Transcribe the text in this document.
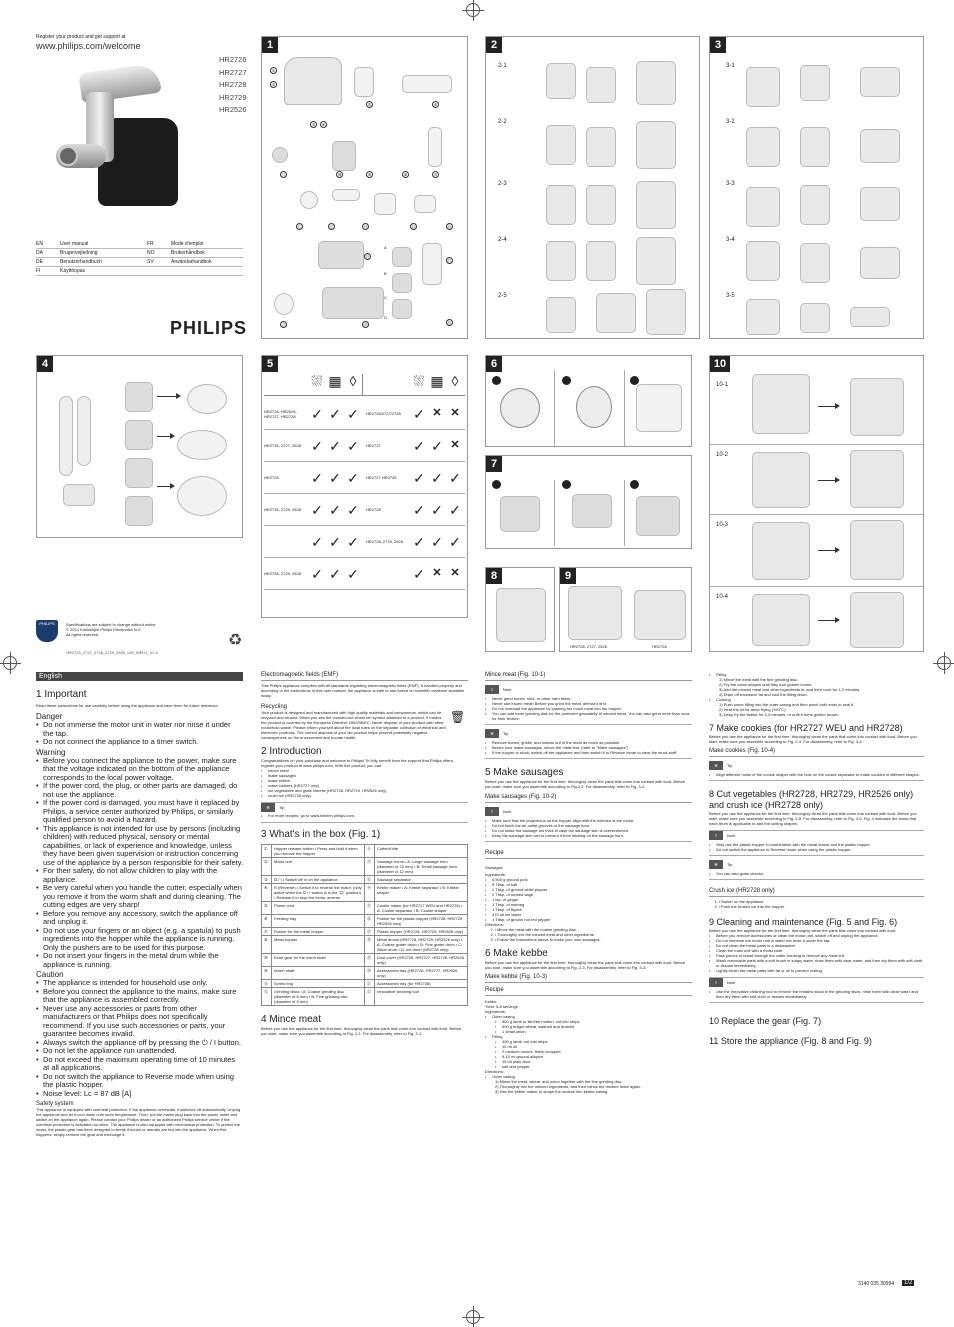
Register your product and get support at
www.philips.com/welcome
HR2726
HR2727
HR2728
HR2729
HR2526
EN	User manual	FR	Mode d'emploi
DA	Brugervejledning	NO	Brukerhåndbok
DE	Benutzerhandbuch	SV	Användarhandbok
FI	Käyttöopas		
PHILIPS
1
①
②
③	④
⑤	⑥
⑪	⑩	⑨	⑧	⑦
⑫	⑬	⑭	⑮	⑯
⑰
⑱
⑲
⑳
㉑
A
B
C
D
2
2-1
2-2
2-3
2-4
2-5
3
3-1
3-2
3-3
3-4
3-5
4	5
⛆ ▦ ◊	⛆ ▦ ◊
HR2726, HR2526, HR2727, HR2728	✓ ✓ ✓	HR2726/2727/2728 ✓ ✕ ✕
HR2726, 2727, 2526 ✓ ✓ ✓	HR2727	✓ ✓ ✕
HR2728	✓ ✓ ✓	HR2727 HR2728	✓ ✓ ✓
HR2726, 2729, 2526 ✓ ✓ ✓	HR2728	✓ ✓ ✓
✓ ✓ ✓	HR2728, 2729, 2526 ✓ ✓ ✓
HR2728, 2729, 2526 ✓ ✓ ✓	✓ ✕ ✕
6
7
8	9
HR2726, 2727, 2526	HR2728
10
10-1
10-2
10-3
10-4
PHILIPS	Specifications are subject to change without notice
© 2014 Koninklijke Philips Electronics N.V.
All rights reserved.
HR2726_2727_2728_2729_2526_UM_WEU1_V2.0
♻
English
1 Important
Read these instructions for use carefully before using the appliance and save them for future reference.
Danger
• Do not immerse the motor unit in water nor rinse it under the tap.
• Do not connect the appliance to a timer switch.
Warning
• Before you connect the appliance to the power, make sure that the voltage indicated on the bottom of the appliance corresponds to the local power voltage.
• If the power cord, the plug, or other parts are damaged, do not use the appliance.
• If the power cord is damaged, you must have it replaced by Philips, a service center authorized by Philips, or similarly qualified person to avoid a hazard.
• This appliance is not intended for use by persons (including children) with reduced physical, sensory or mental capabilities, or lack of experience and knowledge, unless they have been given supervision or instruction concerning use of the appliance by a person responsible for their safety.
• For their safety, do not allow children to play with the appliance.
• Be very careful when you handle the cutter, especially when you remove it from the worm shaft and during cleaning. The cutting edges are very sharp!
• Before you remove any accessory, switch the appliance off and unplug it.
• Do not use your fingers or an object (e.g. a spatula) to push ingredients into the hopper while the appliance is running. Only the pushers are to be used for this purpose.
• Do not insert your fingers in the metal drum while the appliance is running.
Caution
• The appliance is intended for household use only.
• Before you connect the appliance to the mains, make sure that the appliance is assembled correctly.
• Never use any accessories or parts from other manufacturers or that Philips does not specifically recommend. If you use such accessories or parts, your guarantee becomes invalid.
• Always switch the appliance off by pressing the ⏻ / I button.
• Do not let the appliance run unattended.
• Do not exceed the maximum operating time of 10 minutes at all applications.
• Do not switch the appliance to Reverse mode when using the plastic hopper.
• Noise level: Lc = 87 dB [A]
Safety system
This appliance is equipped with overheat protection. If the appliance overheats, it switches off automatically. Unplug the appliance and let it cool down until room temperature. Then, put the mains plug back into the power outlet and switch on the appliance again. Please contact your Philips dealer or an authorized Philips service center if the overheat protection is activated too often. The appliance is also equipped with mechanical protection. To protect the motor, the plastic gear has been designed to break if bones or utensils are fed into the appliance. When this happens, simply remove the gear and exchange it.
Electromagnetic fields (EMF)
This Philips appliance complies with all standards regarding electromagnetic fields (EMF). If handled properly and according to the instructions in this user manual, the appliance is safe to use based on scientific evidence available today.
Recycling
Your product is designed and manufactured with high quality materials and components, which can be recycled and reused. When you see the crossed-out wheel bin symbol attached to a product, it means the product is covered by the European Directive 2002/96/EC. Never dispose of your product with other household waste. Please inform yourself about the local rules on the separate collection of electrical and electronic products. The correct disposal of your old product helps prevent potentially negative consequences on the environment and human health.
🗑
2 Introduction
Congratulations on your purchase and welcome to Philips! To fully benefit from the support that Philips offers, register your product at www.philips.com. With this product, you can:
• mince meat
• make sausages
• make kebbe
• make cookies (HR2727 only)
• cut vegetables and grate cheese (HR2728, HR2729, HR2526 only)
• crush ice (HR2728 only)
✻	Tip
• For more recipes, go to www.kitchen.philips.com.
3 What's in the box (Fig. 1)
①	Hopper release button • Press and hold it when you remove the hopper	⑪	Cutter/Knife
②	Motor unit	⑫	Sausage horns • A: Large sausage horn (diameter of 22 mm) • B: Small sausage horn (diameter of 12 mm)
③	⏻ / I • Switch off or on the appliance.	⑬	Sausage separator
④	R (Reverse) • Switch it to reverse the motor. (only active when the ⏻ / I switch is in the "⏻" position) • Release it to stop the motor reverse.	⑭	Kebbe maker • A: Kebbe separator • B: Kebbe shaper
⑤	Power cord	⑮	Cookie maker (for HR2727 WEU and HR2728) • A: Cookie separator • B: Cookie shaper
⑥	Feeding tray	⑯	Pusher for the plastic hopper (HR2728, HR2729, HR2526 only)
⑦	Pusher for the metal hopper	⑰	Plastic hopper (HR2728, HR2729, HR2526 only)
⑧	Metal hopper	⑱	Metal drums (HR2728, HR2729, HR2526 only) • A: Coarse grater drum • B: Fine grater drum • C: Slicer drum • D: Ice drum (HR2728 only)
⑨	Extra gear for the worm shaft	⑲	Dust cover (HR2726, HR2727, HR2728, HR2526 only)
⑩	Worm shaft	⑳	Accessories tray (HR2726, HR2727, HR2526 only)
⑪	Screw ring	㉑	Accessories tray (for HR2728)
⑫	Grinding discs • A: Coarse grinding disc (diameter of 8 mm) • B: Fine grinding disc (diameter of 5 mm)	㉒	Innovative cleaning tool
4 Mince meat
Before you use the appliance for the first time, thoroughly clean the parts that come into contact with food. Before you start, make sure you assemble according to Fig. 2-1. For disassembly, refer to Fig. 3-1.
Mince meat (Fig. 10-1)
≡	Note
• Never grind bones, nuts, or other hard items.
• Never use frozen meat! Before you grind the meat, defrost it first.
• Do not overload the appliance by pushing too much meat into the hopper.
• You can add more grinding disk for the preferred granularity of minced meat. You can also grind more than once for finer texture.
✻	Tip
• Remove bones, gristle, and sinews out of the meat as much as possible.
• Before your make sausages, mince the meat first. (refer to "Make sausages")
• If the hopper is stuck, switch off the appliance and then switch it to Reverse mode to clear the stuck stuff.
5 Make sausages
Before you use the appliance for the first time, thoroughly clean the parts that come into contact with food. Before you start, make sure you assemble according to Fig.2-2. For disassembly, refer to Fig. 3-2.
Make sausages (Fig. 10-2)
≡	Note
• Make sure that the projections on the hopper align with the notches of the motor.
• Do not block the air outlet grooves of the sausage horn.
• Do not make the sausage too thick in case the sausage skin is overstretched.
• Keep the sausage skin wet to prevent it from sticking on the sausage horn.
Recipe
Sausages
Ingredients:
• 4,500 g ground pork
• 5 Tbsp. of salt
• 1 Tbsp. of ground white pepper
• 2 Tbsp. of rubbed sage
• 1 tsp. of ginger
• 1 Tbsp. of nutmeg
• 1 Tbsp. of thyme
• 470 ml ice water
• 1 Tbsp. of ground hot red pepper
Directions:
• 1. Mince the meat with the coarse grinding disc.
• 2. Thoroughly mix the minced meat and other ingredients.
• 3. Follow the instructions above to make your own sausages.
6 Make kebbe
Before you use the appliance for the first time, thoroughly clean the parts that come into contact with food. Before you start, make sure you assemble according to Fig. 2-3. For disassembly, refer to Fig. 3-3.
Make kebbe (Fig. 10-3)
Recipe
Kebbe
Yield: 5-8 servings
Ingredients:
• Outer casing
• 500 g lamb or fat-free mutton, cut into strips
• 500 g bulgur wheat, washed and drained
• 1 small onion
• Filling
• 400 g lamb, cut into strips
• 15 ml oil
• 2 medium onions, finely chopped
• 5-10 ml ground allspice
• 15 ml plain flour
• salt and pepper
Directions:
• Outer casing
1) Mince the meat, wheat, and onion together with the fine grinding disc.
2) Thoroughly mix the minced ingredients, and then mince the mixture twice again.
3) Use the kebbe maker to shape the mixture into kebbe casing.
• Filling
1) Mince the meat with the fine grinding disc.
2) Fry the onion shapes until they turn golden brown.
3) Add the minced meat and other ingredients in, and then cook for 1-2 minutes.
4) Drain off excessive fat and cool the filling down.
• Cooking
1) Push some filling into the outer casing and then pinch both ends to seal it.
2) Heat the oil for deep frying (190°C).
3) Deep fry the kebbe for 3-4 minutes, or until it turns golden brown.
7 Make cookies (for HR2727 WEU and HR2728)
Before you use the appliance for the first time, thoroughly clean the parts that come into contact with food. Before you start, make sure you assemble according to Fig. 2-4. For disassembly, refer to Fig. 3-4.
Make cookies (Fig. 10-4)
✻	Tip
• Align different holes of the cookie shaper with the hole on the cookie separator to make cookies of different shapes.
8 Cut vegetables (HR2728, HR2729, HR2526 only) and crush ice (HR2728 only)
Before you use the appliance for the first time, thoroughly clean the parts that come into contact with food. Before you start, make sure you assemble according to Fig. 2-5. For disassembly, refer to Fig. 3-5. Fig. 4 indicates the foods that each drum is applicable to and the cutting shapes.
≡	Note
• Only use the plastic hopper in combination with the metal drums and the plastic hopper.
• Do not switch the appliance to Reverse mode when using the plastic hopper.
✻	Tip
• You can also grate cheese.
Crush ice (HR2728 only)
• 1. Switch on the appliance.
• 2. Push the broken ice into the hopper.
9 Cleaning and maintenance (Fig. 5 and Fig. 6)
Before you use the appliance for the first time, thoroughly clean the parts that come into contact with food.
• Before you remove accessories or clean the motor unit, switch off and unplug the appliance.
• Do not immerse the motor unit in water nor rinse it under the tap.
• Do not clean the metal parts in a dishwasher.
• Clean the main unit with a moist cloth.
• Pass pieces of bread through the cutter housing to remove any meat left.
• Wash removable parts with a soft brush in soapy water, rinse them with clear water, and then dry them with soft cloth or tissues immediately.
• Lightly brush the metal parts with fat or oil to prevent rusting.
≡	Note
• Use the innovative cleaning tool to remove the remains stuck in the grinding discs, rinse them with clear water and then dry them with soft cloth or tissues immediately.
10 Replace the gear (Fig. 7)
11 Store the appliance (Fig. 8 and Fig. 9)
3140 035 30994	1/2
